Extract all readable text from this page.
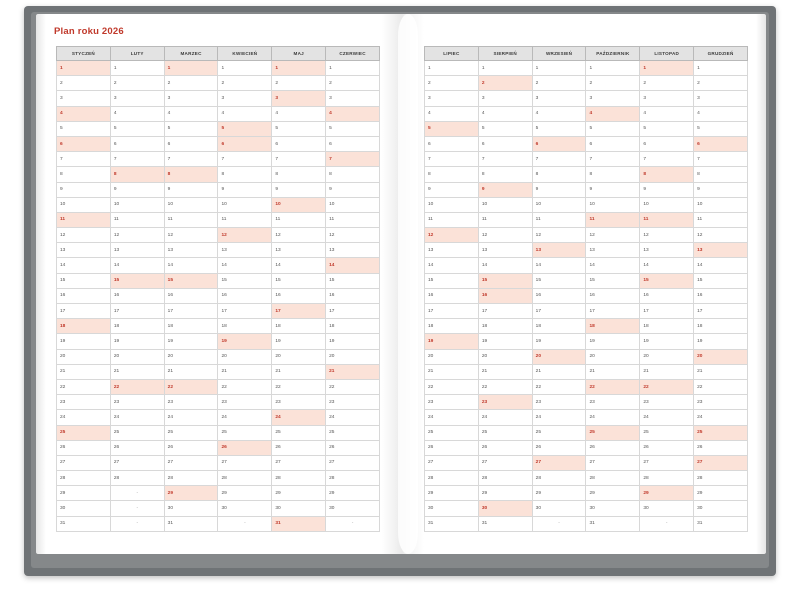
Plan roku 2026
STYCZEŃ	LUTY	MARZEC	KWIECIEŃ	MAJ	CZERWIEC
1	1	1	1	1	1
2	2	2	2	2	2
3	3	3	3	3	3
4	4	4	4	4	4
5	5	5	5	5	5
6	6	6	6	6	6
7	7	7	7	7	7
8	8	8	8	8	8
9	9	9	9	9	9
10	10	10	10	10	10
11	11	11	11	11	11
12	12	12	12	12	12
13	13	13	13	13	13
14	14	14	14	14	14
15	15	15	15	15	15
16	16	16	16	16	16
17	17	17	17	17	17
18	18	18	18	18	18
19	19	19	19	19	19
20	20	20	20	20	20
21	21	21	21	21	21
22	22	22	22	22	22
23	23	23	23	23	23
24	24	24	24	24	24
25	25	25	25	25	25
26	26	26	26	26	26
27	27	27	27	27	27
28	28	28	28	28	28
29	-	29	29	29	29
30	-	30	30	30	30
31	-	31	-	31	-
LIPIEC	SIERPIEŃ	WRZESIEŃ	PAŹDZIERNIK	LISTOPAD	GRUDZIEŃ
1	1	1	1	1	1
2	2	2	2	2	2
3	3	3	3	3	3
4	4	4	4	4	4
5	5	5	5	5	5
6	6	6	6	6	6
7	7	7	7	7	7
8	8	8	8	8	8
9	9	9	9	9	9
10	10	10	10	10	10
11	11	11	11	11	11
12	12	12	12	12	12
13	13	13	13	13	13
14	14	14	14	14	14
15	15	15	15	15	15
16	16	16	16	16	16
17	17	17	17	17	17
18	18	18	18	18	18
19	19	19	19	19	19
20	20	20	20	20	20
21	21	21	21	21	21
22	22	22	22	22	22
23	23	23	23	23	23
24	24	24	24	24	24
25	25	25	25	25	25
26	26	26	26	26	26
27	27	27	27	27	27
28	28	28	28	28	28
29	29	29	29	29	29
30	30	30	30	30	30
31	31	-	31	-	31
